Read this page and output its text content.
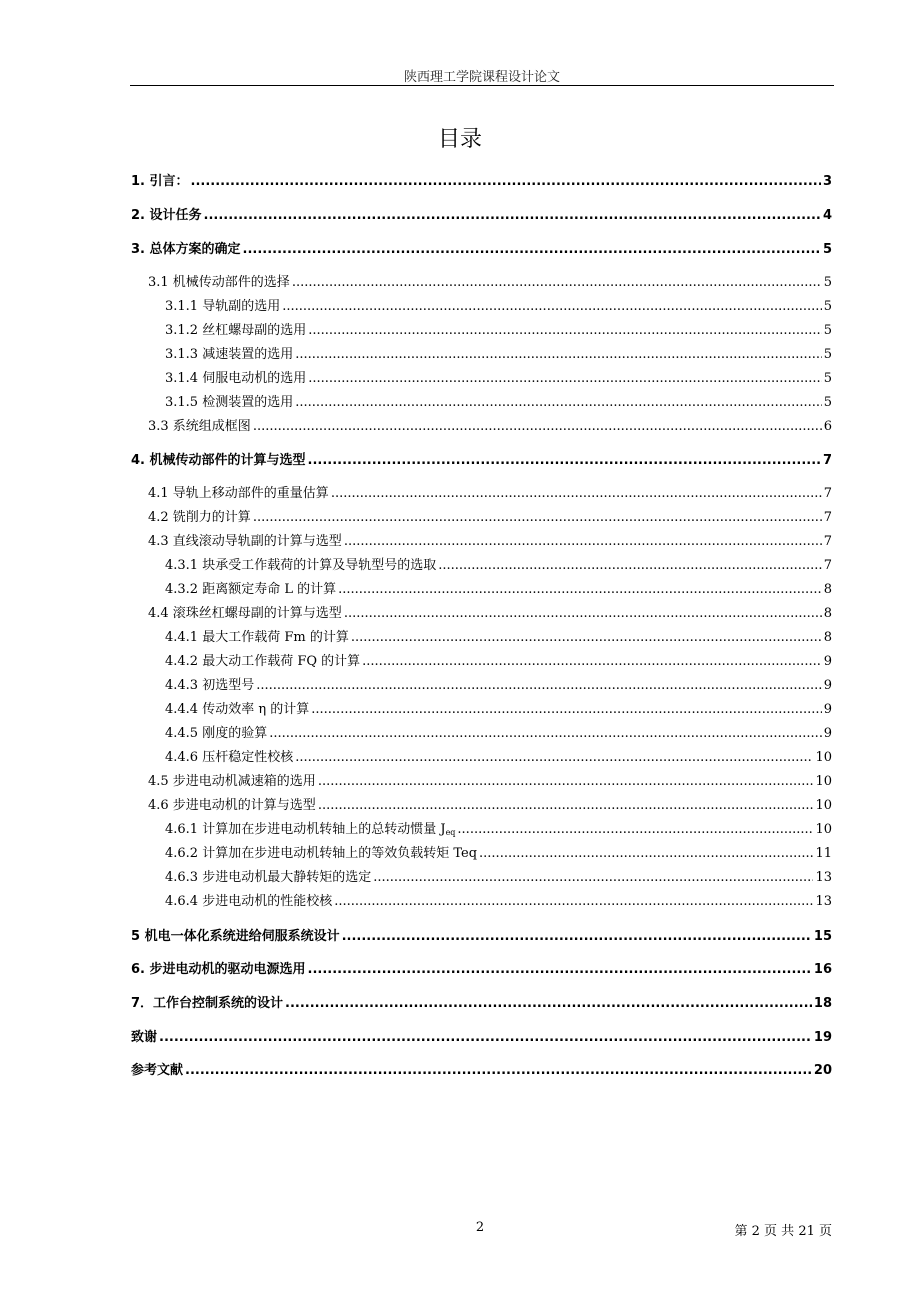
陕西理工学院课程设计论文
目录
1. 引言： .....	3
2. 设计任务 .....	4
3. 总体方案的确定 .....	5
3.1 机械传动部件的选择 .....	5
3.1.1 导轨副的选用 .....	5
3.1.2 丝杠螺母副的选用 .....	5
3.1.3 减速装置的选用 .....	5
3.1.4 伺服电动机的选用 .....	5
3.1.5 检测装置的选用 .....	5
3.3 系统组成框图 .....	6
4. 机械传动部件的计算与选型 .....	7
4.1 导轨上移动部件的重量估算 .....	7
4.2 铣削力的计算 .....	7
4.3 直线滚动导轨副的计算与选型 .....	7
4.3.1 块承受工作载荷的计算及导轨型号的选取 .....	7
4.3.2 距离额定寿命 L 的计算 .....	8
4.4 滚珠丝杠螺母副的计算与选型 .....	8
4.4.1 最大工作载荷 Fm 的计算 .....	8
4.4.2 最大动工作载荷 FQ 的计算 .....	9
4.4.3 初选型号 .....	9
4.4.4 传动效率 η 的计算 .....	9
4.4.5 刚度的验算 .....	9
4.4.6 压杆稳定性校核 .....	10
4.5 步进电动机减速箱的选用 .....	10
4.6 步进电动机的计算与选型 .....	10
4.6.1 计算加在步进电动机转轴上的总转动惯量 $J_{eq}$ .....	10
4.6.2 计算加在步进电动机转轴上的等效负载转矩 Teq .....	11
4.6.3 步进电动机最大静转矩的选定 .....	13
4.6.4 步进电动机的性能校核 .....	13
5 机电一体化系统进给伺服系统设计 .....	15
6. 步进电动机的驱动电源选用 .....	16
7．工作台控制系统的设计 .....	18
致谢 .....	19
参考文献 .....	20
2	第 2 页 共 21 页
